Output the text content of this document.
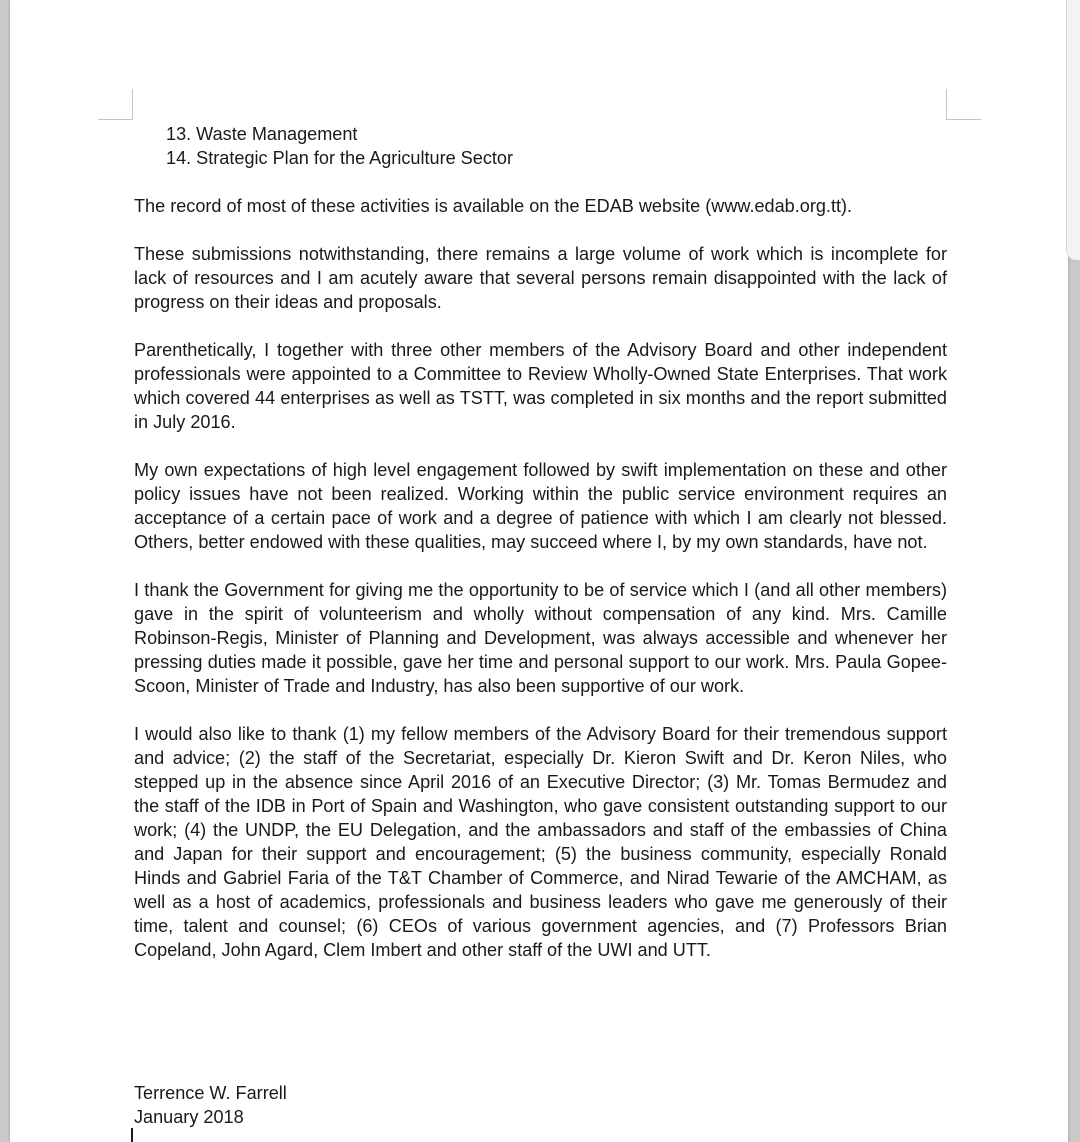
13. Waste Management
14. Strategic Plan for the Agriculture Sector

The record of most of these activities is available on the EDAB website (www.edab.org.tt).

These submissions notwithstanding, there remains a large volume of work which is incomplete for lack of resources and I am acutely aware that several persons remain disappointed with the lack of progress on their ideas and proposals.

Parenthetically, I together with three other members of the Advisory Board and other independent professionals were appointed to a Committee to Review Wholly-Owned State Enterprises. That work which covered 44 enterprises as well as TSTT, was completed in six months and the report submitted in July 2016.

My own expectations of high level engagement followed by swift implementation on these and other policy issues have not been realized. Working within the public service environment requires an acceptance of a certain pace of work and a degree of patience with which I am clearly not blessed. Others, better endowed with these qualities, may succeed where I, by my own standards, have not.

I thank the Government for giving me the opportunity to be of service which I (and all other members) gave in the spirit of volunteerism and wholly without compensation of any kind. Mrs. Camille Robinson-Regis, Minister of Planning and Development, was always accessible and whenever her pressing duties made it possible, gave her time and personal support to our work. Mrs. Paula Gopee-Scoon, Minister of Trade and Industry, has also been supportive of our work.

I would also like to thank (1) my fellow members of the Advisory Board for their tremendous support and advice; (2) the staff of the Secretariat, especially Dr. Kieron Swift and Dr. Keron Niles, who stepped up in the absence since April 2016 of an Executive Director; (3) Mr. Tomas Bermudez and the staff of the IDB in Port of Spain and Washington, who gave consistent outstanding support to our work; (4) the UNDP, the EU Delegation, and the ambassadors and staff of the embassies of China and Japan for their support and encouragement; (5) the business community, especially Ronald Hinds and Gabriel Faria of the T&T Chamber of Commerce, and Nirad Tewarie of the AMCHAM, as well as a host of academics, professionals and business leaders who gave me generously of their time, talent and counsel; (6) CEOs of various government agencies, and (7) Professors Brian Copeland, John Agard, Clem Imbert and other staff of the UWI and UTT.

Terrence W. Farrell
January 2018
